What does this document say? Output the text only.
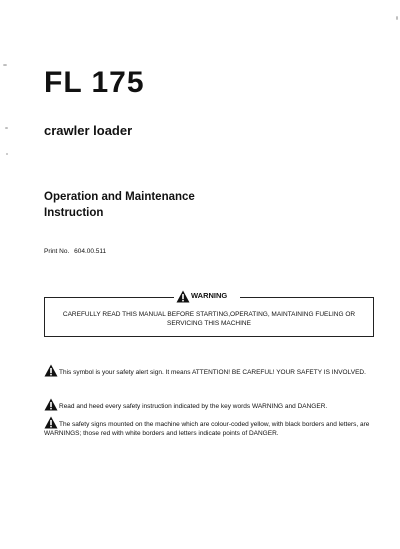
FL 175
crawler loader
Operation and Maintenance
Instruction
Print No. 604.00.511
WARNING

CAREFULLY READ THIS MANUAL BEFORE STARTING,OPERATING, MAINTAINING FUELING OR
SERVICING THIS MACHINE

This symbol is your safety alert sign. It means ATTENTION! BE CAREFUL! YOUR SAFETY IS INVOLVED.

Read and heed every safety instruction indicated by the key words WARNING and DANGER.

The safety signs mounted on the machine which are colour-coded yellow, with black borders and letters, are WARNINGS; those red with white borders and letters indicate points of DANGER.
